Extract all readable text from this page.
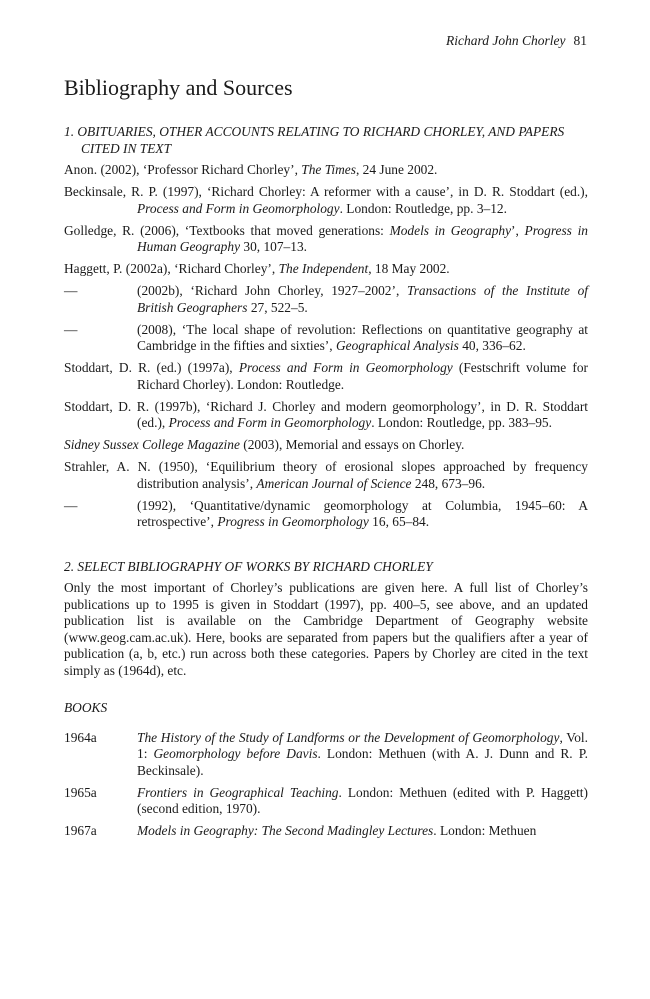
Richard John Chorley 81
Bibliography and Sources

1. OBITUARIES, OTHER ACCOUNTS RELATING TO RICHARD CHORLEY, AND PAPERS CITED IN TEXT

Anon. (2002), ‘Professor Richard Chorley’, The Times, 24 June 2002.

Beckinsale, R. P. (1997), ‘Richard Chorley: A reformer with a cause’, in D. R. Stoddart (ed.), Process and Form in Geomorphology. London: Routledge, pp. 3–12.

Golledge, R. (2006), ‘Textbooks that moved generations: Models in Geography’, Progress in Human Geography 30, 107–13.

Haggett, P. (2002a), ‘Richard Chorley’, The Independent, 18 May 2002.

—	(2002b), ‘Richard John Chorley, 1927–2002’, Transactions of the Institute of British Geographers 27, 522–5.

—	(2008), ‘The local shape of revolution: Reflections on quantitative geography at Cambridge in the fifties and sixties’, Geographical Analysis 40, 336–62.

Stoddart, D. R. (ed.) (1997a), Process and Form in Geomorphology (Festschrift volume for Richard Chorley). London: Routledge.

Stoddart, D. R. (1997b), ‘Richard J. Chorley and modern geomorphology’, in D. R. Stoddart (ed.), Process and Form in Geomorphology. London: Routledge, pp. 383–95.

Sidney Sussex College Magazine (2003), Memorial and essays on Chorley.

Strahler, A. N. (1950), ‘Equilibrium theory of erosional slopes approached by frequency distribution analysis’, American Journal of Science 248, 673–96.

—	(1992), ‘Quantitative/dynamic geomorphology at Columbia, 1945–60: A retrospective’, Progress in Geomorphology 16, 65–84.

2. SELECT BIBLIOGRAPHY OF WORKS BY RICHARD CHORLEY

Only the most important of Chorley’s publications are given here. A full list of Chorley’s publications up to 1995 is given in Stoddart (1997), pp. 400–5, see above, and an updated publication list is available on the Cambridge Department of Geography website (www.geog.cam.ac.uk). Here, books are separated from papers but the qualifiers after a year of publication (a, b, etc.) run across both these categories. Papers by Chorley are cited in the text simply as (1964d), etc.

BOOKS

1964a	The History of the Study of Landforms or the Development of Geomorphology, Vol. 1: Geomorphology before Davis. London: Methuen (with A. J. Dunn and R. P. Beckinsale).

1965a	Frontiers in Geographical Teaching. London: Methuen (edited with P. Haggett) (second edition, 1970).

1967a	Models in Geography: The Second Madingley Lectures. London: Methuen
